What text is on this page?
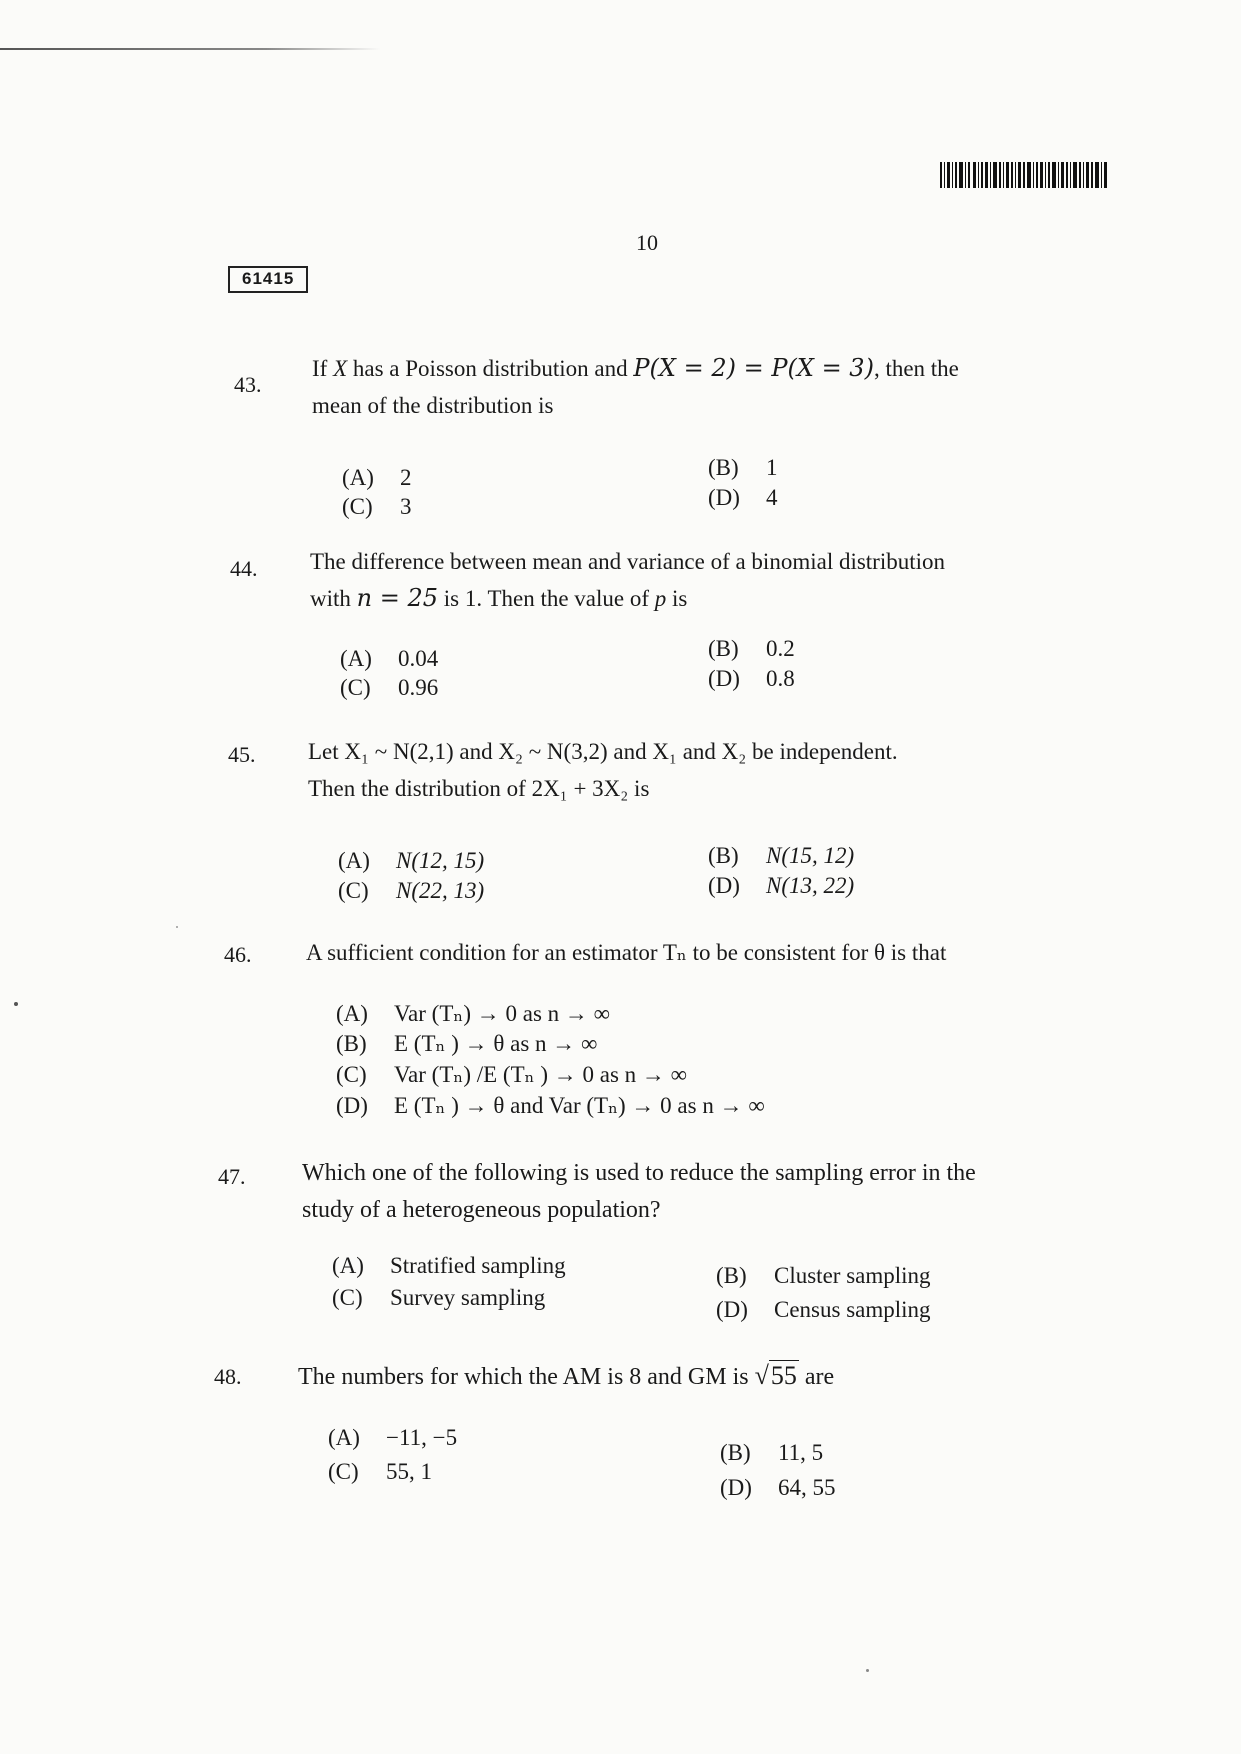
10
61415
43.
If X has a Poisson distribution and P(X = 2) = P(X = 3), then the
mean of the distribution is
(A) 2	(B) 1
(C) 3	(D) 4
44. The difference between mean and variance of a binomial distribution
with n = 25 is 1. Then the value of p is
(A) 0.04	(B) 0.2
(C) 0.96	(D) 0.8
45. Let X₁ ~ N(2,1) and X₂ ~ N(3,2) and X₁ and X₂ be independent.
Then the distribution of 2X₁ + 3X₂ is
(A) N(12, 15)	(B) N(15, 12)
(C) N(22, 13)	(D) N(13, 22)
46. A sufficient condition for an estimator Tₙ to be consistent for θ is that
(A) Var (Tₙ) → 0 as n → ∞
(B) E (Tₙ ) → θ as n → ∞
(C) Var (Tₙ) /E (Tₙ ) → 0 as n → ∞
(D) E (Tₙ ) → θ and Var (Tₙ) → 0 as n → ∞
47. Which one of the following is used to reduce the sampling error in the
study of a heterogeneous population?
(A) Stratified sampling	(B) Cluster sampling
(C) Survey sampling	(D) Census sampling
48. The numbers for which the AM is 8 and GM is √55 are
(A) −11, −5
(B) 11, 5
(C) 55, 1
(D) 64, 55
